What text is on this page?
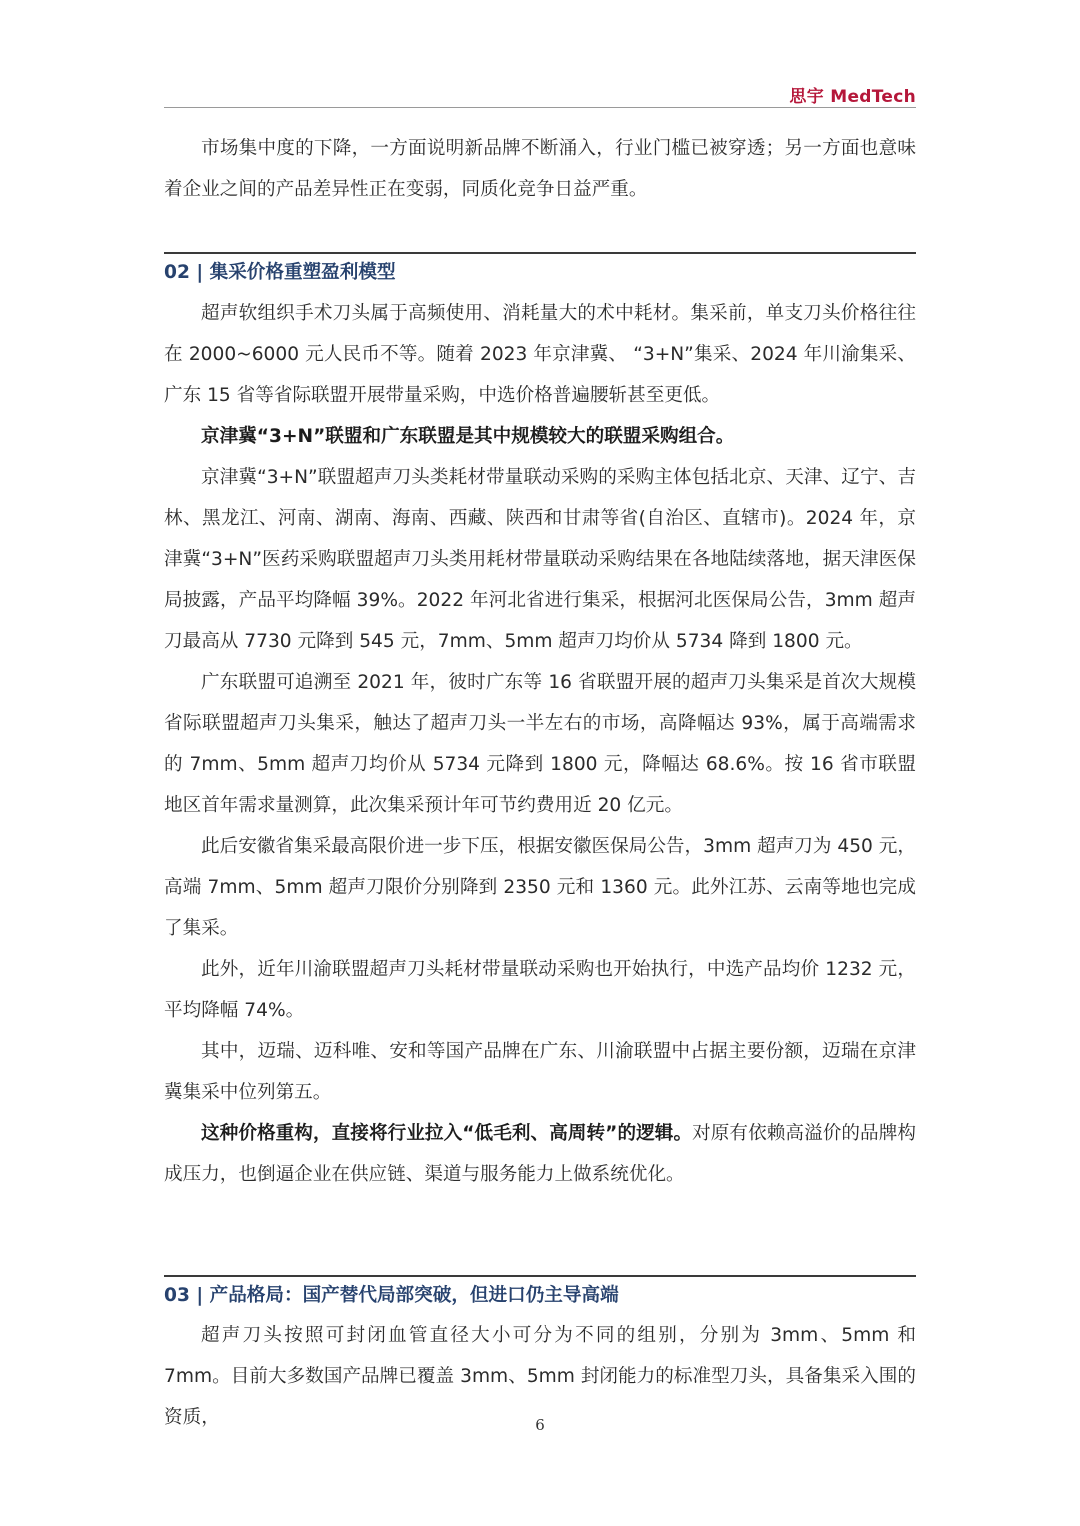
思宇 MedTech

市场集中度的下降，一方面说明新品牌不断涌入，行业门槛已被穿透；另一方面也意味着企业之间的产品差异性正在变弱，同质化竞争日益严重。

02 | 集采价格重塑盈利模型

超声软组织手术刀头属于高频使用、消耗量大的术中耗材。集采前，单支刀头价格往往在 2000~6000 元人民币不等。随着 2023 年京津冀、 “3+N”集采、2024 年川渝集采、广东 15 省等省际联盟开展带量采购，中选价格普遍腰斩甚至更低。

京津冀“3+N”联盟和广东联盟是其中规模较大的联盟采购组合。

京津冀“3+N”联盟超声刀头类耗材带量联动采购的采购主体包括北京、天津、辽宁、吉林、黑龙江、河南、湖南、海南、西藏、陕西和甘肃等省(自治区、直辖市)。2024 年，京津冀“3+N”医药采购联盟超声刀头类用耗材带量联动采购结果在各地陆续落地，据天津医保局披露，产品平均降幅 39%。2022 年河北省进行集采，根据河北医保局公告，3mm 超声刀最高从 7730 元降到 545 元，7mm、5mm 超声刀均价从 5734 降到 1800 元。

广东联盟可追溯至 2021 年，彼时广东等 16 省联盟开展的超声刀头集采是首次大规模省际联盟超声刀头集采，触达了超声刀头一半左右的市场，高降幅达 93%，属于高端需求的 7mm、5mm 超声刀均价从 5734 元降到 1800 元，降幅达 68.6%。按 16 省市联盟地区首年需求量测算，此次集采预计年可节约费用近 20 亿元。

此后安徽省集采最高限价进一步下压，根据安徽医保局公告，3mm 超声刀为 450 元，高端 7mm、5mm 超声刀限价分别降到 2350 元和 1360 元。此外江苏、云南等地也完成了集采。

此外，近年川渝联盟超声刀头耗材带量联动采购也开始执行，中选产品均价 1232 元，平均降幅 74%。

其中，迈瑞、迈科唯、安和等国产品牌在广东、川渝联盟中占据主要份额，迈瑞在京津冀集采中位列第五。

这种价格重构，直接将行业拉入“低毛利、高周转”的逻辑。对原有依赖高溢价的品牌构成压力，也倒逼企业在供应链、渠道与服务能力上做系统优化。

03 | 产品格局：国产替代局部突破，但进口仍主导高端

超声刀头按照可封闭血管直径大小可分为不同的组别，分别为 3mm、5mm 和 7mm。目前大多数国产品牌已覆盖 3mm、5mm 封闭能力的标准型刀头，具备集采入围的资质，	6
